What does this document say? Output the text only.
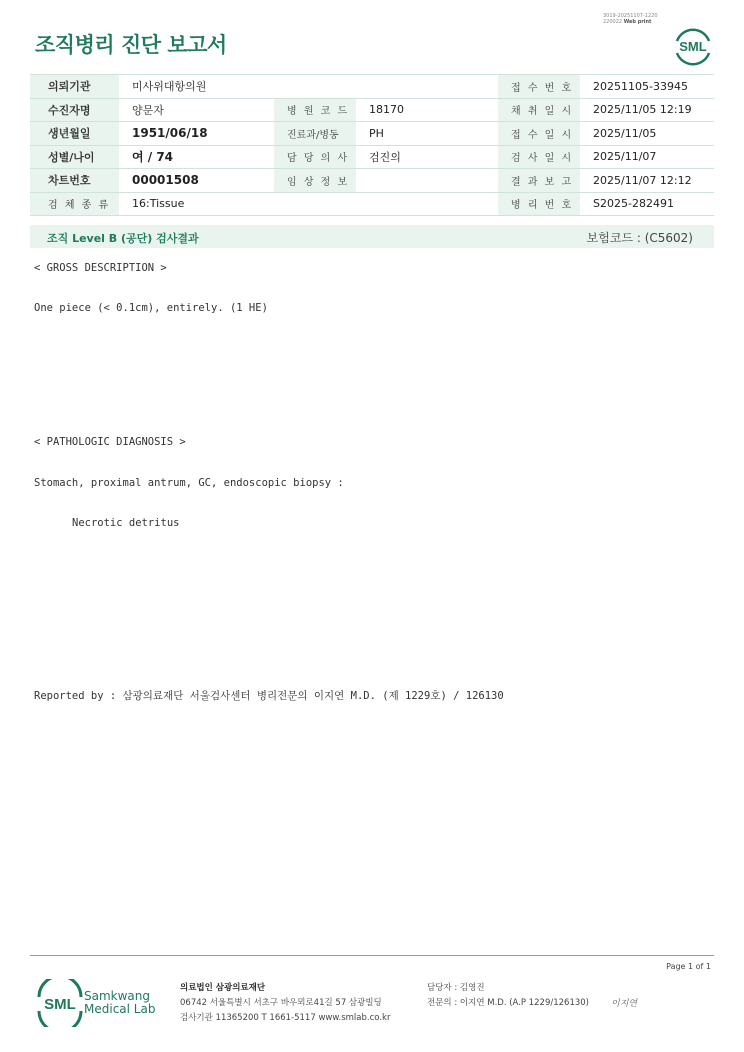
조직병리 진단 보고서
3019-20251107-1220
220022 Web print
SML
의뢰기관	미사위대항의원			접 수 번 호	20251105-33945
수진자명	양문자	병 원 코 드	18170	채 취 일 시	2025/11/05 12:19
생년월일	1951/06/18	진료과/병동	PH	접 수 일 시	2025/11/05
성별/나이	여 / 74	담 당 의 사	검진의	검 사 일 시	2025/11/07
차트번호	00001508	임 상 정 보		결 과 보 고	2025/11/07 12:12
검 체 종 류	16:Tissue			병 리 번 호	S2025-282491
조직 Level B (공단) 검사결과	보험코드 : (C5602)
< GROSS DESCRIPTION >
One piece (< 0.1cm), entirely. (1 HE)
< PATHOLOGIC DIAGNOSIS >
Stomach, proximal antrum, GC, endoscopic biopsy :
Necrotic detritus
Reported by : 삼광의료재단 서울검사센터 병리전문의 이지연 M.D. (제 1229호) / 126130
Page 1 of 1
SML Samkwang
Medical Lab
의료법인 삼광의료재단
06742 서울특별시 서초구 바우뫼로41길 57 삼광빌딩
검사기관 11365200 T 1661-5117 www.smlab.co.kr
담당자 : 김영진
전문의 : 이지연 M.D. (A.P 1229/126130) 이지연
